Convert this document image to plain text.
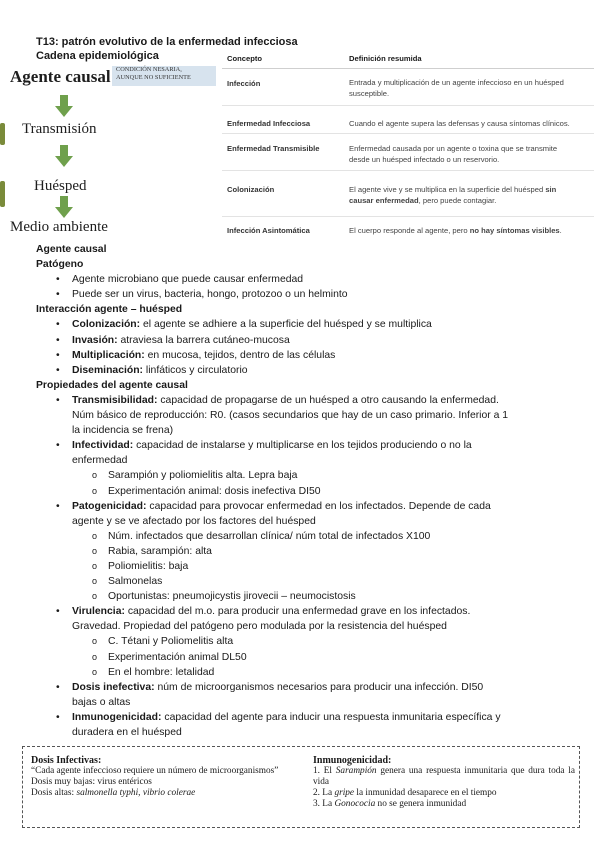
T13: patrón evolutivo de la enfermedad infecciosa
Cadena epidemiológica
Agente causal CONDICIÓN NESARIA,
AUNQUE NO SUFICIENTE
Transmisión
Huésped
Medio ambiente
Concepto	Definición resumida
Infección	Entrada y multiplicación de un agente infeccioso en un huésped
susceptible.
Enfermedad Infecciosa	Cuando el agente supera las defensas y causa síntomas clínicos.
Enfermedad Transmisible	Enfermedad causada por un agente o toxina que se transmite
desde un huésped infectado o un reservorio.
Colonización	El agente vive y se multiplica en la superficie del huésped sin
causar enfermedad, pero puede contagiar.
Infección Asintomática	El cuerpo responde al agente, pero no hay síntomas visibles.

Agente causal

Patógeno

• Agente microbiano que puede causar enfermedad

• Puede ser un virus, bacteria, hongo, protozoo o un helminto

Interacción agente – huésped

• Colonización: el agente se adhiere a la superficie del huésped y se multiplica

• Invasión: atraviesa la barrera cutáneo-mucosa

• Multiplicación: en mucosa, tejidos, dentro de las células

• Diseminación: linfáticos y circulatorio

Propiedades del agente causal

• Transmisibilidad: capacidad de propagarse de un huésped a otro causando la enfermedad.

Núm básico de reproducción: R0. (casos secundarios que hay de un caso primario. Inferior a 1

la incidencia se frena)

• Infectividad: capacidad de instalarse y multiplicarse en los tejidos produciendo o no la

enfermedad

o Sarampión y poliomielitis alta. Lepra baja

o Experimentación animal: dosis inefectiva DI50

• Patogenicidad: capacidad para provocar enfermedad en los infectados. Depende de cada

agente y se ve afectado por los factores del huésped

o Núm. infectados que desarrollan clínica/ núm total de infectados X100

o Rabia, sarampión: alta

o Poliomielitis: baja

o Salmonelas

o Oportunistas: pneumojicystis jirovecii – neumocistosis

• Virulencia: capacidad del m.o. para producir una enfermedad grave en los infectados.

Gravedad. Propiedad del patógeno pero modulada por la resistencia del huésped

o C. Tétani y Poliomelitis alta

o Experimentación animal DL50

o En el hombre: letalidad

• Dosis inefectiva: núm de microorganismos necesarios para producir una infección. DI50

bajas o altas

• Inmunogenicidad: capacidad del agente para inducir una respuesta inmunitaria específica y

duradera en el huésped

Dosis Infectivas:

“Cada agente infeccioso requiere un número de microorganismos”

Dosis muy bajas: virus entéricos

Dosis altas: salmonella typhi, vibrio colerae

Inmunogenicidad:

1. El Sarampión genera una respuesta inmunitaria que dura toda la vida

2. La gripe la inmunidad desaparece en el tiempo

3. La Gonococia no se genera inmunidad
